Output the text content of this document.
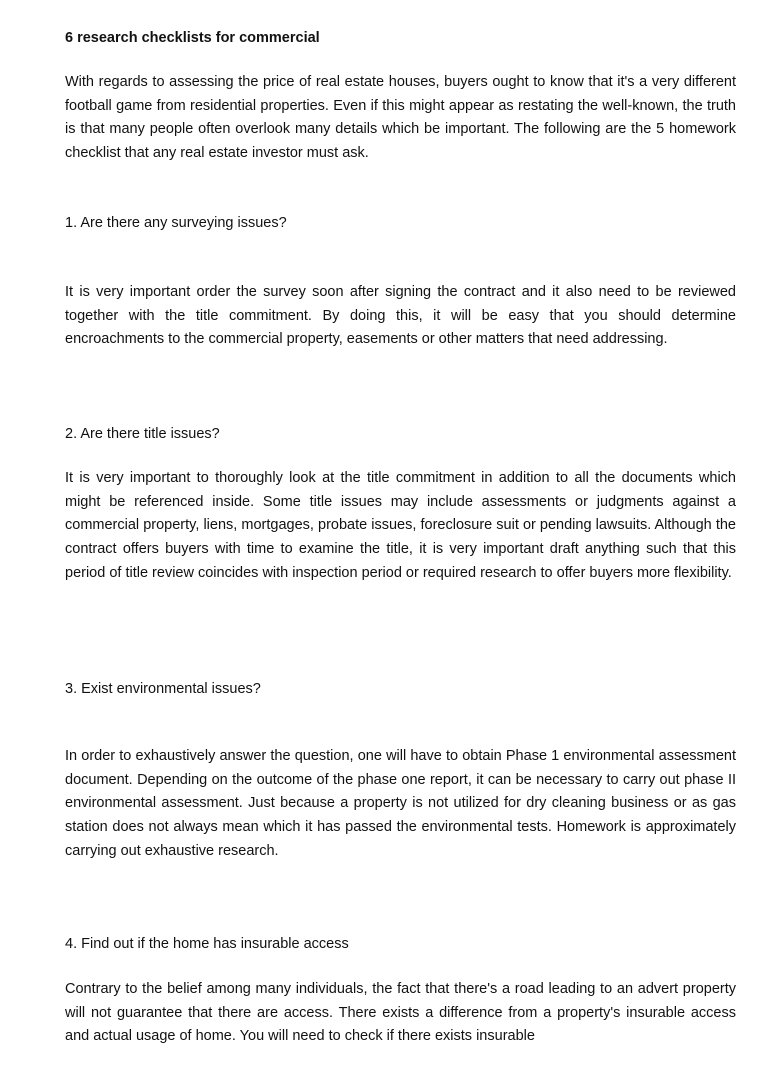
6 research checklists for commercial

With regards to assessing the price of real estate houses, buyers ought to know that it's a very different football game from residential properties. Even if this might appear as restating the well-known, the truth is that many people often overlook many details which be important. The following are the 5 homework checklist that any real estate investor must ask.

1. Are there any surveying issues?

It is very important order the survey soon after signing the contract and it also need to be reviewed together with the title commitment. By doing this, it will be easy that you should determine encroachments to the commercial property, easements or other matters that need addressing.

2. Are there title issues?

It is very important to thoroughly look at the title commitment in addition to all the documents which might be referenced inside. Some title issues may include assessments or judgments against a commercial property, liens, mortgages, probate issues, foreclosure suit or pending lawsuits. Although the contract offers buyers with time to examine the title, it is very important draft anything such that this period of title review coincides with inspection period or required research to offer buyers more flexibility.

3. Exist environmental issues?

In order to exhaustively answer the question, one will have to obtain Phase 1 environmental assessment document. Depending on the outcome of the phase one report, it can be necessary to carry out phase II environmental assessment. Just because a property is not utilized for dry cleaning business or as gas station does not always mean which it has passed the environmental tests. Homework is approximately carrying out exhaustive research.

4. Find out if the home has insurable access

Contrary to the belief among many individuals, the fact that there's a road leading to an advert property will not guarantee that there are access. There exists a difference from a property's insurable access and actual usage of home. You will need to check if there exists insurable
